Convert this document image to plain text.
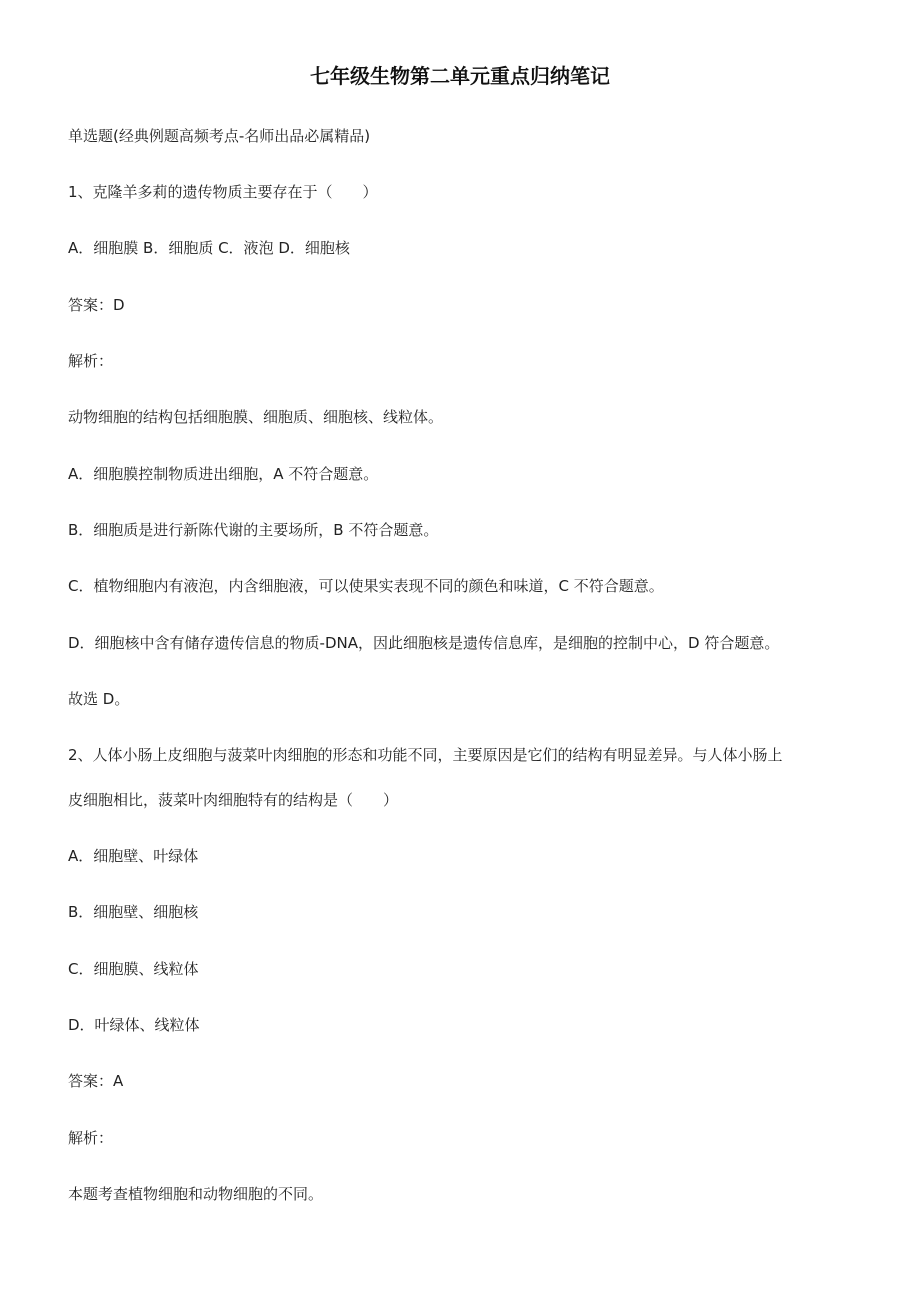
七年级生物第二单元重点归纳笔记
单选题(经典例题高频考点-名师出品必属精品)
1、克隆羊多莉的遗传物质主要存在于（　　）
A．细胞膜 B．细胞质 C．液泡 D．细胞核
答案：D
解析：
动物细胞的结构包括细胞膜、细胞质、细胞核、线粒体。
A．细胞膜控制物质进出细胞，A 不符合题意。
B．细胞质是进行新陈代谢的主要场所，B 不符合题意。
C．植物细胞内有液泡，内含细胞液，可以使果实表现不同的颜色和味道，C 不符合题意。
D．细胞核中含有储存遗传信息的物质-DNA，因此细胞核是遗传信息库，是细胞的控制中心，D 符合题意。
故选 D。
2、人体小肠上皮细胞与菠菜叶肉细胞的形态和功能不同，主要原因是它们的结构有明显差异。与人体小肠上
皮细胞相比，菠菜叶肉细胞特有的结构是（　　）
A．细胞壁、叶绿体
B．细胞壁、细胞核
C．细胞膜、线粒体
D．叶绿体、线粒体
答案：A
解析：
本题考查植物细胞和动物细胞的不同。
